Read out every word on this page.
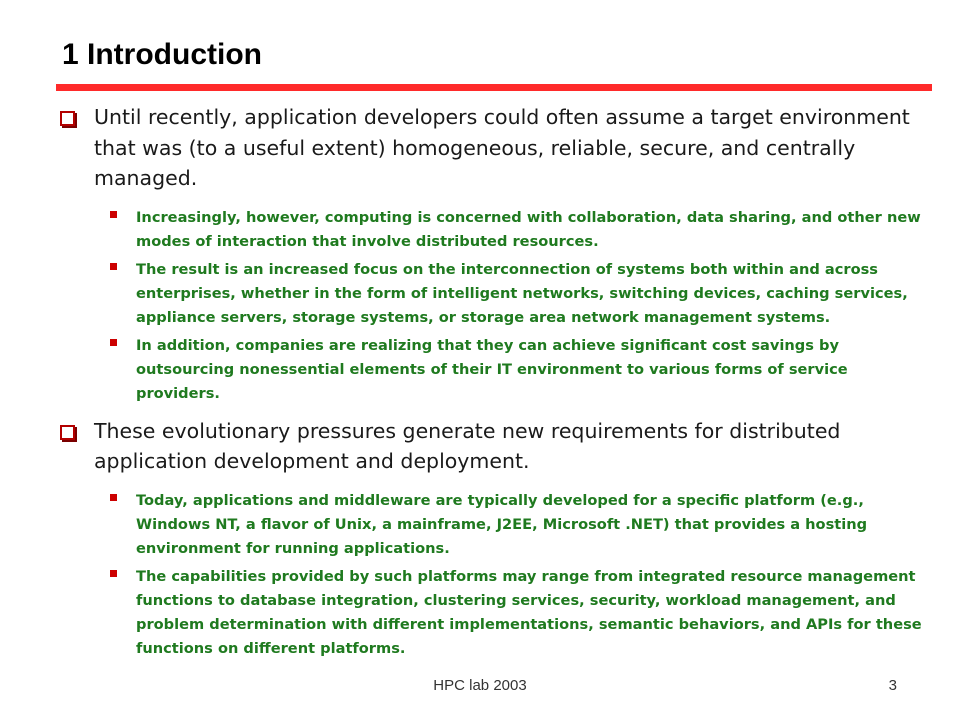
1 Introduction
Until recently, application developers could often assume a target environment that was (to a useful extent) homogeneous, reliable, secure, and centrally managed.
Increasingly, however, computing is concerned with collaboration, data sharing, and other new modes of interaction that involve distributed resources.
The result is an increased focus on the interconnection of systems both within and across enterprises, whether in the form of intelligent networks, switching devices, caching services, appliance servers, storage systems, or storage area network management systems.
In addition, companies are realizing that they can achieve significant cost savings by outsourcing nonessential elements of their IT environment to various forms of service providers.
These evolutionary pressures generate new requirements for distributed application development and deployment.
Today, applications and middleware are typically developed for a specific platform (e.g., Windows NT, a flavor of Unix, a mainframe, J2EE, Microsoft .NET) that provides a hosting environment for running applications.
The capabilities provided by such platforms may range from integrated resource management functions to database integration, clustering services, security, workload management, and problem determination with different implementations, semantic behaviors, and APIs for these functions on different platforms.
HPC lab 2003	3
